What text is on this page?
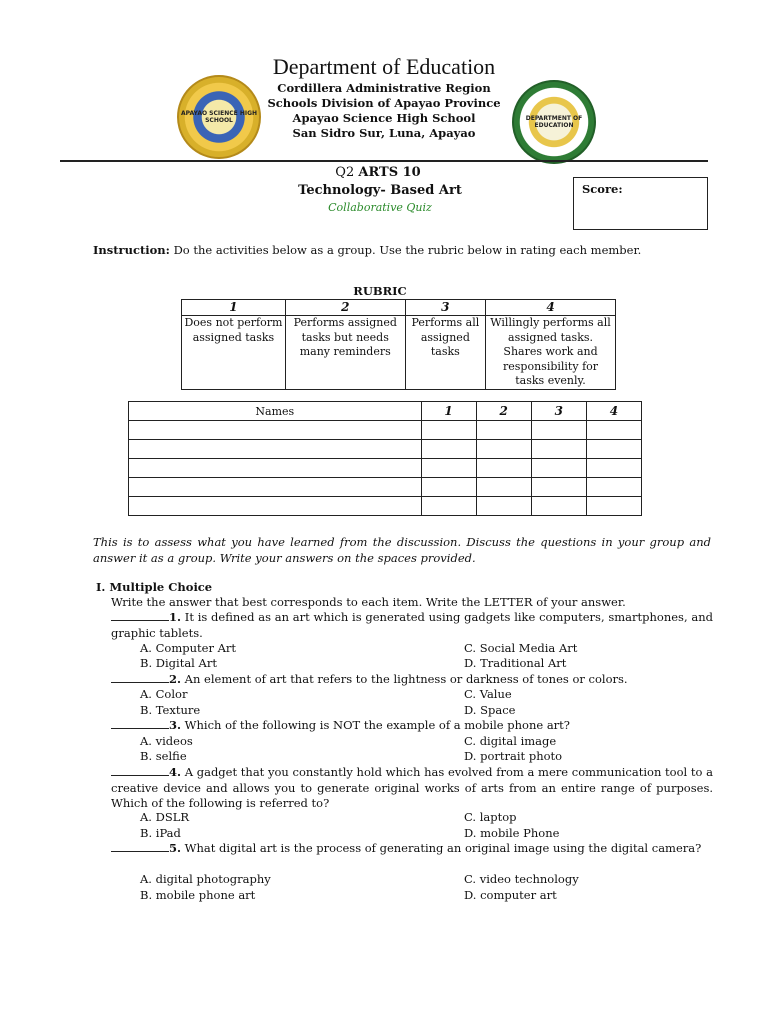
Department of Education
Cordillera Administrative Region
Schools Division of Apayao Province
Apayao Science High School
San Sidro Sur, Luna, Apayao
APAYAO SCIENCE HIGH SCHOOL	DEPARTMENT OF EDUCATION
Q2 ARTS 10
Technology- Based Art
Collaborative Quiz
Score:
Instruction: Do the activities below as a group. Use the rubric below in rating each member.
RUBRIC
1	2	3	4
Does not perform assigned tasks	Performs assigned tasks but needs many reminders	Performs all assigned tasks	Willingly performs all assigned tasks. Shares work and responsibility for tasks evenly.
Names	1	2	3	4

This is to assess what you have learned from the discussion. Discuss the questions in your group and answer it as a group. Write your answers on the spaces provided.
I. Multiple Choice
Write the answer that best corresponds to each item. Write the LETTER of your answer.
1. It is defined as an art which is generated using gadgets like computers, smartphones, and graphic tablets.
A. Computer Art	C. Social Media Art
B. Digital Art	D. Traditional Art
2. An element of art that refers to the lightness or darkness of tones or colors.
A. Color	C. Value
B. Texture	D. Space
3. Which of the following is NOT the example of a mobile phone art?
A. videos	C. digital image
B. selfie	D. portrait photo
4. A gadget that you constantly hold which has evolved from a mere communication tool to a creative device and allows you to generate original works of arts from an entire range of purposes. Which of the following is referred to?
A. DSLR	C. laptop
B. iPad	D. mobile Phone
5. What digital art is the process of generating an original image using the digital camera?
A. digital photography	C. video technology
B. mobile phone art	D. computer art
